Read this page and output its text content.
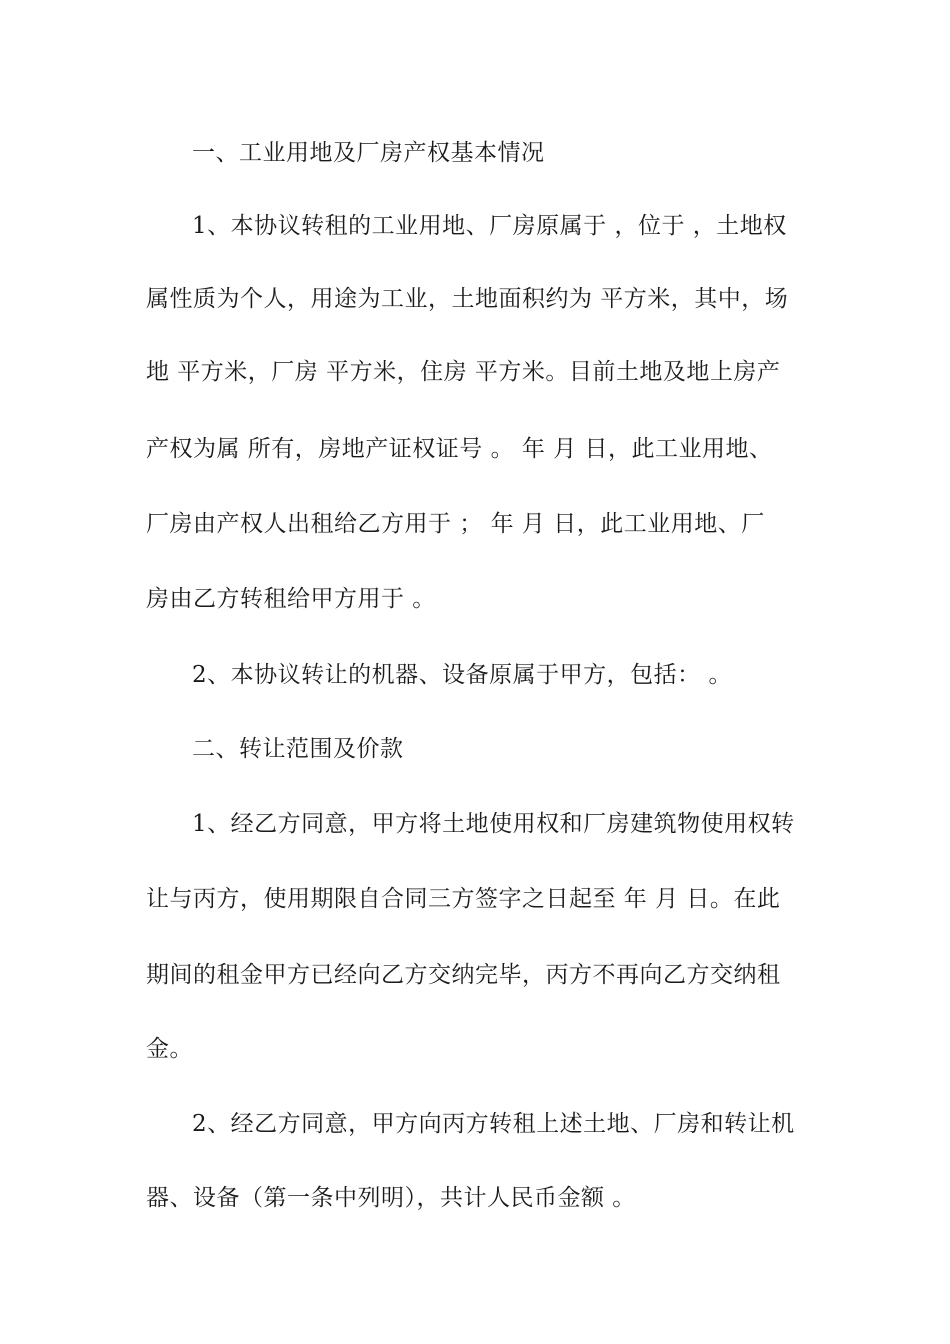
一、工业用地及厂房产权基本情况
1、本协议转租的工业用地、厂房原属于 ，位于 ，土地权
属性质为个人，用途为工业，土地面积约为 平方米，其中，场
地 平方米，厂房 平方米，住房 平方米。目前土地及地上房产
产权为属 所有，房地产证权证号 。 年 月 日，此工业用地、
厂房由产权人出租给乙方用于 ； 年 月 日，此工业用地、厂
房由乙方转租给甲方用于 。
2、本协议转让的机器、设备原属于甲方，包括： 。
二、转让范围及价款
1、经乙方同意，甲方将土地使用权和厂房建筑物使用权转
让与丙方，使用期限自合同三方签字之日起至 年 月 日。在此
期间的租金甲方已经向乙方交纳完毕，丙方不再向乙方交纳租
金。
2、经乙方同意，甲方向丙方转租上述土地、厂房和转让机
器、设备（第一条中列明），共计人民币金额 。
